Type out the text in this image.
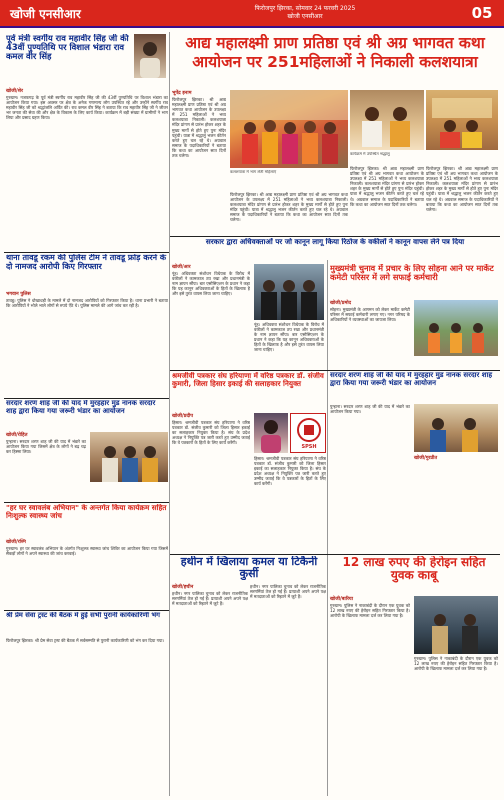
खोजी एनसीआर	फिरोजपुर झिरका, सोमवार 24 फरवरी 2025
खोजी एनसीआर	05
पूर्व मंत्री स्वर्गीय राव महावीर सिंह जी की 43वीं पुण्यतिथि पर विशाल भंडारा राव कमल वीर सिंह
खोजी/शेर
गुरुग्राम। नजफगढ़ के पूर्व मंत्री स्वर्गीय राव महावीर सिंह जी की 43वीं पुण्यतिथि पर विशाल भंडारा का आयोजन किया गया। इस अवसर पर क्षेत्र के अनेक गणमान्य लोग उपस्थित रहे और उन्होंने स्वर्गीय राव महावीर सिंह जी को श्रद्धांजलि अर्पित की। राव कमल वीर सिंह ने बताया कि राव महावीर सिंह जी ने जीवन भर जनता की सेवा की और क्षेत्र के विकास के लिए कार्य किया। कार्यक्रम में बड़ी संख्या में ग्रामीणों ने भाग लिया और प्रसाद ग्रहण किया।
आद्य महालक्ष्मी प्राण प्रतिष्ठा एवं श्री अग्र भागवत कथा आयोजन पर 251महिलाओं ने निकाली कलशयात्रा
भूपेंद्र इनाम
फिरोजपुर झिरका। श्री आद्य महालक्ष्मी प्राण प्रतिष्ठा एवं श्री अग्र भागवत कथा आयोजन के उपलक्ष्य में 251 महिलाओं ने भव्य कलशयात्रा निकाली। कलशयात्रा मंदिर प्रांगण से प्रारंभ होकर शहर के मुख्य मार्गों से होते हुए पुनः मंदिर पहुंची। यात्रा में श्रद्धालु भजन कीर्तन करते हुए चल रहे थे। अग्रवाल समाज के पदाधिकारियों ने बताया कि कथा का आयोजन सात दिनों तक चलेगा।
कलशयात्रा में भाग लेती महिलाएं
कार्यक्रम में उपस्थित श्रद्धालु
फिरोजपुर झिरका। श्री आद्य महालक्ष्मी प्राण प्रतिष्ठा एवं श्री अग्र भागवत कथा आयोजन के उपलक्ष्य में 251 महिलाओं ने भव्य कलशयात्रा निकाली। कलशयात्रा मंदिर प्रांगण से प्रारंभ होकर शहर के मुख्य मार्गों से होते हुए पुनः मंदिर पहुंची। यात्रा में श्रद्धालु भजन कीर्तन करते हुए चल रहे थे। अग्रवाल समाज के पदाधिकारियों ने बताया कि कथा का आयोजन सात दिनों तक चलेगा।
फिरोजपुर झिरका। श्री आद्य महालक्ष्मी प्राण प्रतिष्ठा एवं श्री अग्र भागवत कथा आयोजन के उपलक्ष्य में 251 महिलाओं ने भव्य कलशयात्रा निकाली। कलशयात्रा मंदिर प्रांगण से प्रारंभ होकर शहर के मुख्य मार्गों से होते हुए पुनः मंदिर पहुंची। यात्रा में श्रद्धालु भजन कीर्तन करते हुए चल रहे थे। अग्रवाल समाज के पदाधिकारियों ने बताया कि कथा का आयोजन सात दिनों तक चलेगा।
फिरोजपुर झिरका। श्री आद्य महालक्ष्मी प्राण प्रतिष्ठा एवं श्री अग्र भागवत कथा आयोजन के उपलक्ष्य में 251 महिलाओं ने भव्य कलशयात्रा निकाली। कलशयात्रा मंदिर प्रांगण से प्रारंभ होकर शहर के मुख्य मार्गों से होते हुए पुनः मंदिर पहुंची। यात्रा में श्रद्धालु भजन कीर्तन करते हुए चल रहे थे। अग्रवाल समाज के पदाधिकारियों ने बताया कि कथा का आयोजन सात दिनों तक चलेगा।
सरकार द्वारा अधिवक्ताओं पर जो कानून लागू किया रिठोज के वकीलों ने कानून वापस लेने पत्र दिया
खोजी/आर
नूंह। अधिवक्ता संशोधन विधेयक के विरोध में वकीलों ने कामकाज ठप रखा और प्रधानमंत्री के नाम ज्ञापन सौंपा। बार एसोसिएशन के प्रधान ने कहा कि यह कानून अधिवक्ताओं के हितों के खिलाफ है और इसे तुरंत वापस लिया जाना चाहिए।
नूंह। अधिवक्ता संशोधन विधेयक के विरोध में वकीलों ने कामकाज ठप रखा और प्रधानमंत्री के नाम ज्ञापन सौंपा। बार एसोसिएशन के प्रधान ने कहा कि यह कानून अधिवक्ताओं के हितों के खिलाफ है और इसे तुरंत वापस लिया जाना चाहिए।
मुख्यमंत्री चुनाव में प्रचार के लिए सोहना आने पर मार्केट कमेटी परिसर में लगे सफाई कर्मचारी
खोजी/प्रमोद
सोहना। मुख्यमंत्री के आगमन को लेकर मार्केट कमेटी परिसर में सफाई कर्मचारी लगाए गए। नगर परिषद के अधिकारियों ने व्यवस्थाओं का जायजा लिया।
थाना तावडू रकम की पुलिस टीम ने तावडू फ्रोड़ करने के दो नामजद आरोपी किए गिरफ्तार
भगवान पुलिस
तावडू। पुलिस ने धोखाधड़ी के मामले में दो नामजद आरोपियों को गिरफ्तार किया है। थाना प्रभारी ने बताया कि आरोपियों ने भोले भाले लोगों से रुपये ऐंठे थे। पुलिस मामले की आगे जांच कर रही है।
सरदार शरण शाह जी की याद में मुरहहार मुंड नानक सरदार शाह द्वारा किया गया जरूरी भंडार का आयोजन
पुन्हाना। सरदार शरण शाह जी की याद में भंडारे का आयोजन किया गया।
खोजी/गुरप्रीत
श्रमजीवी पत्रकार संघ हरियाणा में वरिष्ठ पत्रकार डॉ. संजीव कुमारी, जिला हिसार इकाई की सलाहकार नियुक्त
खोजी/प्रदीप
हिसार। श्रमजीवी पत्रकार संघ हरियाणा ने वरिष्ठ पत्रकार डॉ. संजीव कुमारी को जिला हिसार इकाई का सलाहकार नियुक्त किया है। संघ के प्रदेश अध्यक्ष ने नियुक्ति पत्र जारी करते हुए उम्मीद जताई कि वे पत्रकारों के हितों के लिए कार्य करेंगी।
SPSH
हिसार। श्रमजीवी पत्रकार संघ हरियाणा ने वरिष्ठ पत्रकार डॉ. संजीव कुमारी को जिला हिसार इकाई का सलाहकार नियुक्त किया है। संघ के प्रदेश अध्यक्ष ने नियुक्ति पत्र जारी करते हुए उम्मीद जताई कि वे पत्रकारों के हितों के लिए कार्य करेंगी।
सरदार शरण शाह जी की याद में मुरहहार मुंड नानक सरदार शाह द्वारा किया गया जरूरी भंडार का आयोजन
खोजी/रोहित
पुन्हाना। सरदार शरण शाह जी की याद में भंडारे का आयोजन किया गया जिसमें क्षेत्र के लोगों ने बढ़ चढ़ कर हिस्सा लिया।
"हर घर स्वावलंब अभियान" के अन्तर्गत किया कार्यक्रम सहित निःशुल्क स्वास्थ्य जांच
खोजी/रश्मि
गुरुग्राम। हर घर स्वावलंब अभियान के अंतर्गत निःशुल्क स्वास्थ्य जांच शिविर का आयोजन किया गया जिसमें सैकड़ों लोगों ने अपने स्वास्थ्य की जांच करवाई।
हथीन में खिलाया कमल या टिकैनी कुर्सी
खोजी/हथीन
हथीन। नगर पालिका चुनाव को लेकर राजनीतिक सरगर्मियां तेज हो गई हैं। प्रत्याशी अपने अपने पक्ष में मतदाताओं को रिझाने में जुटे हैं।
हथीन। नगर पालिका चुनाव को लेकर राजनीतिक सरगर्मियां तेज हो गई हैं। प्रत्याशी अपने अपने पक्ष में मतदाताओं को रिझाने में जुटे हैं।
12 लाख रुपए की हेरोइन सहित युवक काबू
खोजी/बारिया
गुरुग्राम। पुलिस ने नाकाबंदी के दौरान एक युवक को 12 लाख रुपए की हेरोइन सहित गिरफ्तार किया है। आरोपी के खिलाफ मामला दर्ज कर लिया गया है।
गुरुग्राम। पुलिस ने नाकाबंदी के दौरान एक युवक को 12 लाख रुपए की हेरोइन सहित गिरफ्तार किया है। आरोपी के खिलाफ मामला दर्ज कर लिया गया है।
श्री प्रेम सेवा ट्रस्ट की बैठक में हुई सभी पुरानी कार्यकारिणी भंग
फिरोजपुर झिरका। श्री प्रेम सेवा ट्रस्ट की बैठक में सर्वसम्मति से पुरानी कार्यकारिणी को भंग कर दिया गया।
